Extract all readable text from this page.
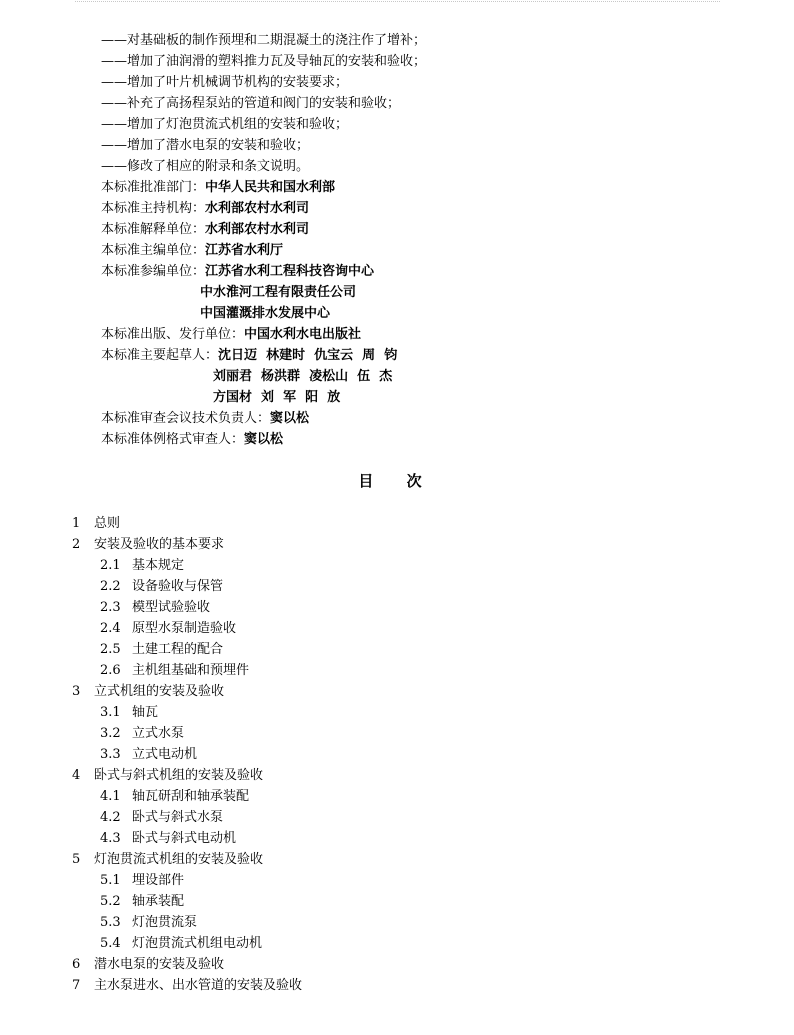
——对基础板的制作预埋和二期混凝土的浇注作了增补；
——增加了油润滑的塑料推力瓦及导轴瓦的安装和验收；
——增加了叶片机械调节机构的安装要求；
——补充了高扬程泵站的管道和阀门的安装和验收；
——增加了灯泡贯流式机组的安装和验收；
——增加了潜水电泵的安装和验收；
——修改了相应的附录和条文说明。
本标准批准部门：中华人民共和国水利部
本标准主持机构：水利部农村水利司
本标准解释单位：水利部农村水利司
本标准主编单位：江苏省水利厅
本标准参编单位：江苏省水利工程科技咨询中心
中水淮河工程有限责任公司
中国灌溉排水发展中心
本标准出版、发行单位：中国水利水电出版社
本标准主要起草人：沈日迈  林建时  仇宝云  周  钧
刘丽君  杨洪群  凌松山  伍  杰
方国材  刘  军  阳  放
本标准审查会议技术负责人：窦以松
本标准体例格式审查人：窦以松
目 次
1 总则
2 安装及验收的基本要求
2.1 基本规定
2.2 设备验收与保管
2.3 模型试验验收
2.4 原型水泵制造验收
2.5 土建工程的配合
2.6 主机组基础和预埋件
3 立式机组的安装及验收
3.1 轴瓦
3.2 立式水泵
3.3 立式电动机
4 卧式与斜式机组的安装及验收
4.1 轴瓦研刮和轴承装配
4.2 卧式与斜式水泵
4.3 卧式与斜式电动机
5 灯泡贯流式机组的安装及验收
5.1 埋设部件
5.2 轴承装配
5.3 灯泡贯流泵
5.4 灯泡贯流式机组电动机
6 潜水电泵的安装及验收
7 主水泵进水、出水管道的安装及验收
